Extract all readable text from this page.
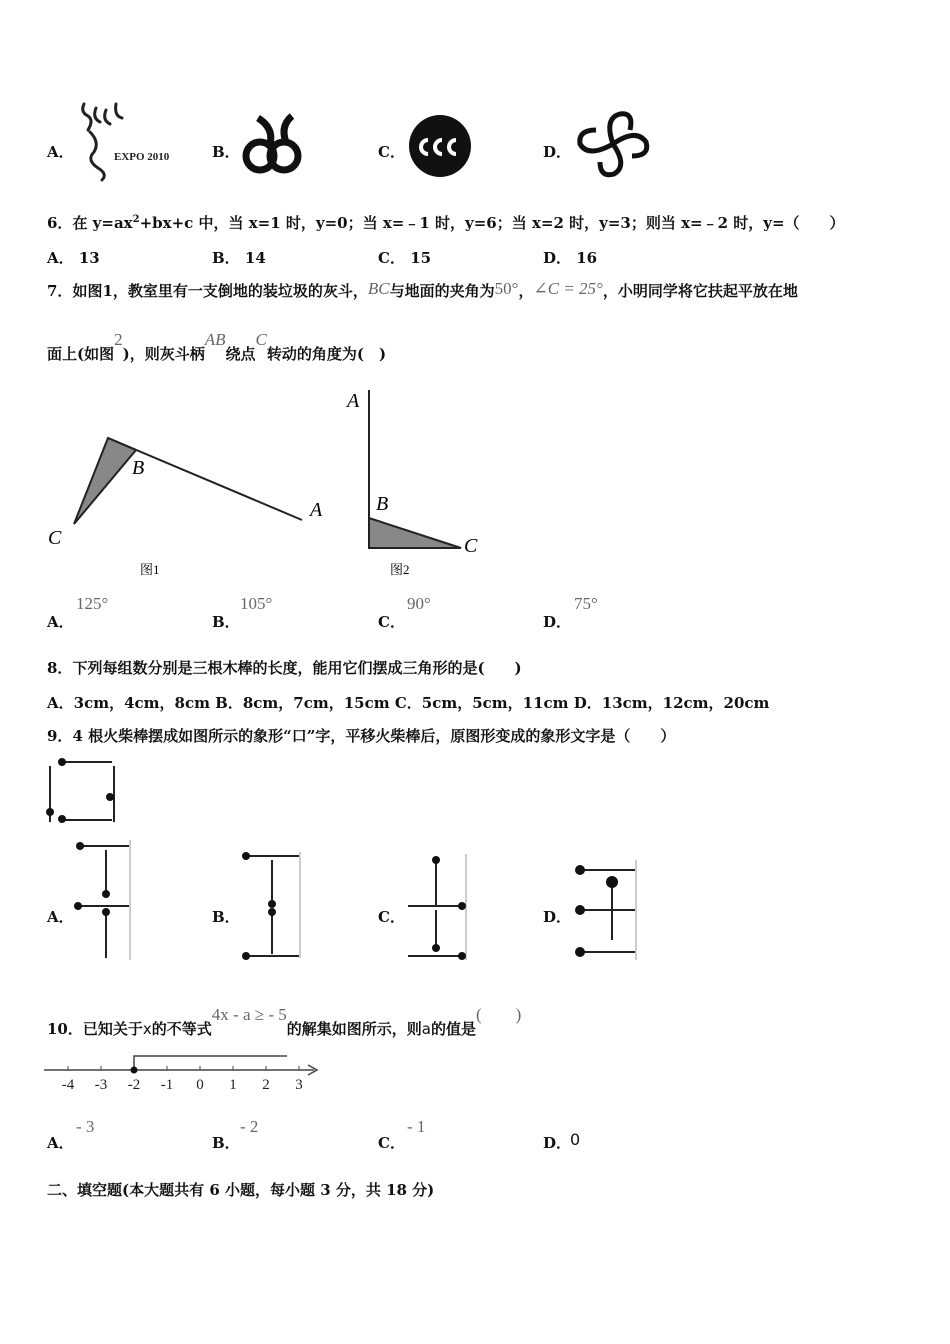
A．	EXPO 2010	B．	C．	D．
6．在 $y=ax^2+bx+c$ 中，当 x=1 时，y=0；当 x=﹣1 时，y=6；当 x=2 时，y=3；则当 x=﹣2 时，y=（　　）
A． 13	B． 14	C． 15	D． 16
7．如图1，教室里有一支倒地的装垃圾的灰斗，BC与地面的夹角为50°，∠C = 25°，小明同学将它扶起平放在地
面上(如图2)，则灰斗柄AB绕点C转动的角度为(　)
C
B
A
图1
A
B
C
图2
A．
125°
B．
105°
C．
90°
D．
75°
8．下列每组数分别是三根木棒的长度，能用它们摆成三角形的是(　　)
A．3cm，4cm，8cm B．8cm，7cm，15cm C．5cm，5cm，11cm D．13cm，12cm，20cm
9．4 根火柴棒摆成如图所示的象形“口”字，平移火柴棒后，原图形变成的象形文字是（　　）
A．	B．	C．	D．
10．已知关于x的不等式4x - a ≥ - 5的解集如图所示，则a的值是(　　)
-4 -3 -2 -1 0 1 2 3
A．
- 3
B．
- 2
C．
- 1
D．
0
二、填空题(本大题共有 6 小题，每小题 3 分，共 18 分)
